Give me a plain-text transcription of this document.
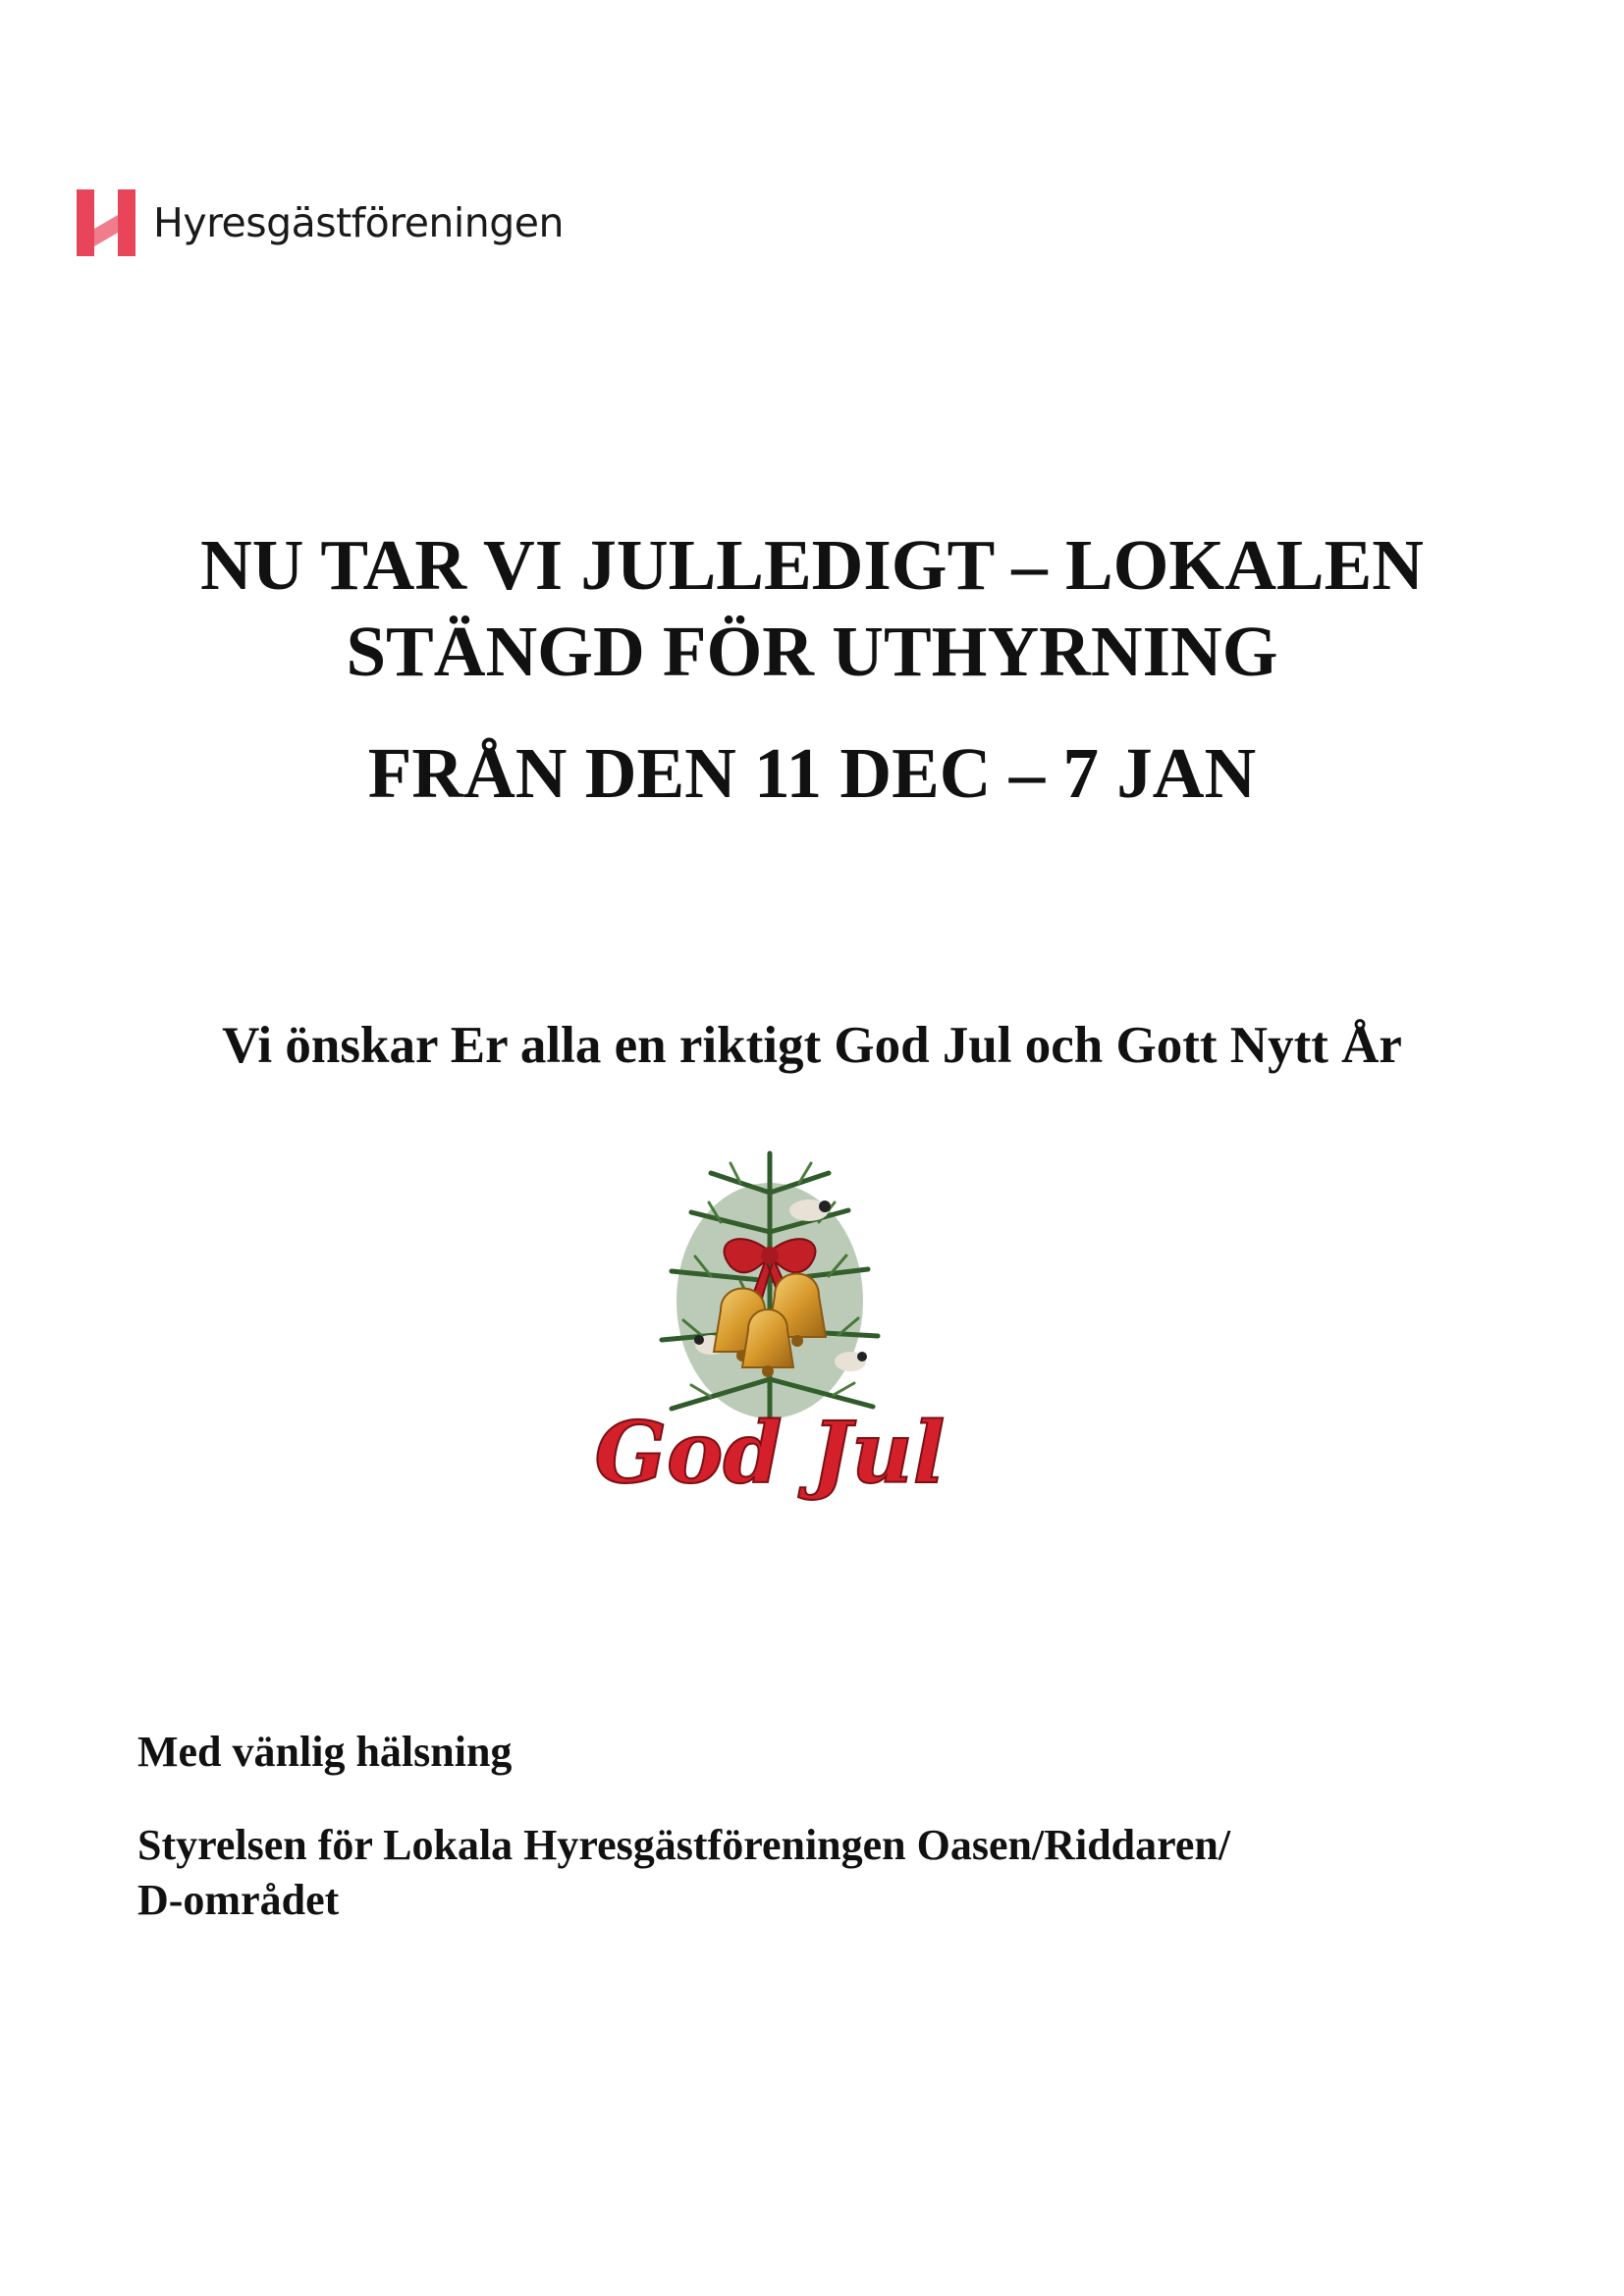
Hyresgästföreningen
NU TAR VI JULLEDIGT – LOKALEN
STÄNGD FÖR UTHYRNING
FRÅN DEN 11 DEC – 7 JAN

Vi önskar Er alla en riktigt God Jul och Gott Nytt År

God Jul

Med vänlig hälsning

Styrelsen för Lokala Hyresgästföreningen Oasen/Riddaren/
D-området
